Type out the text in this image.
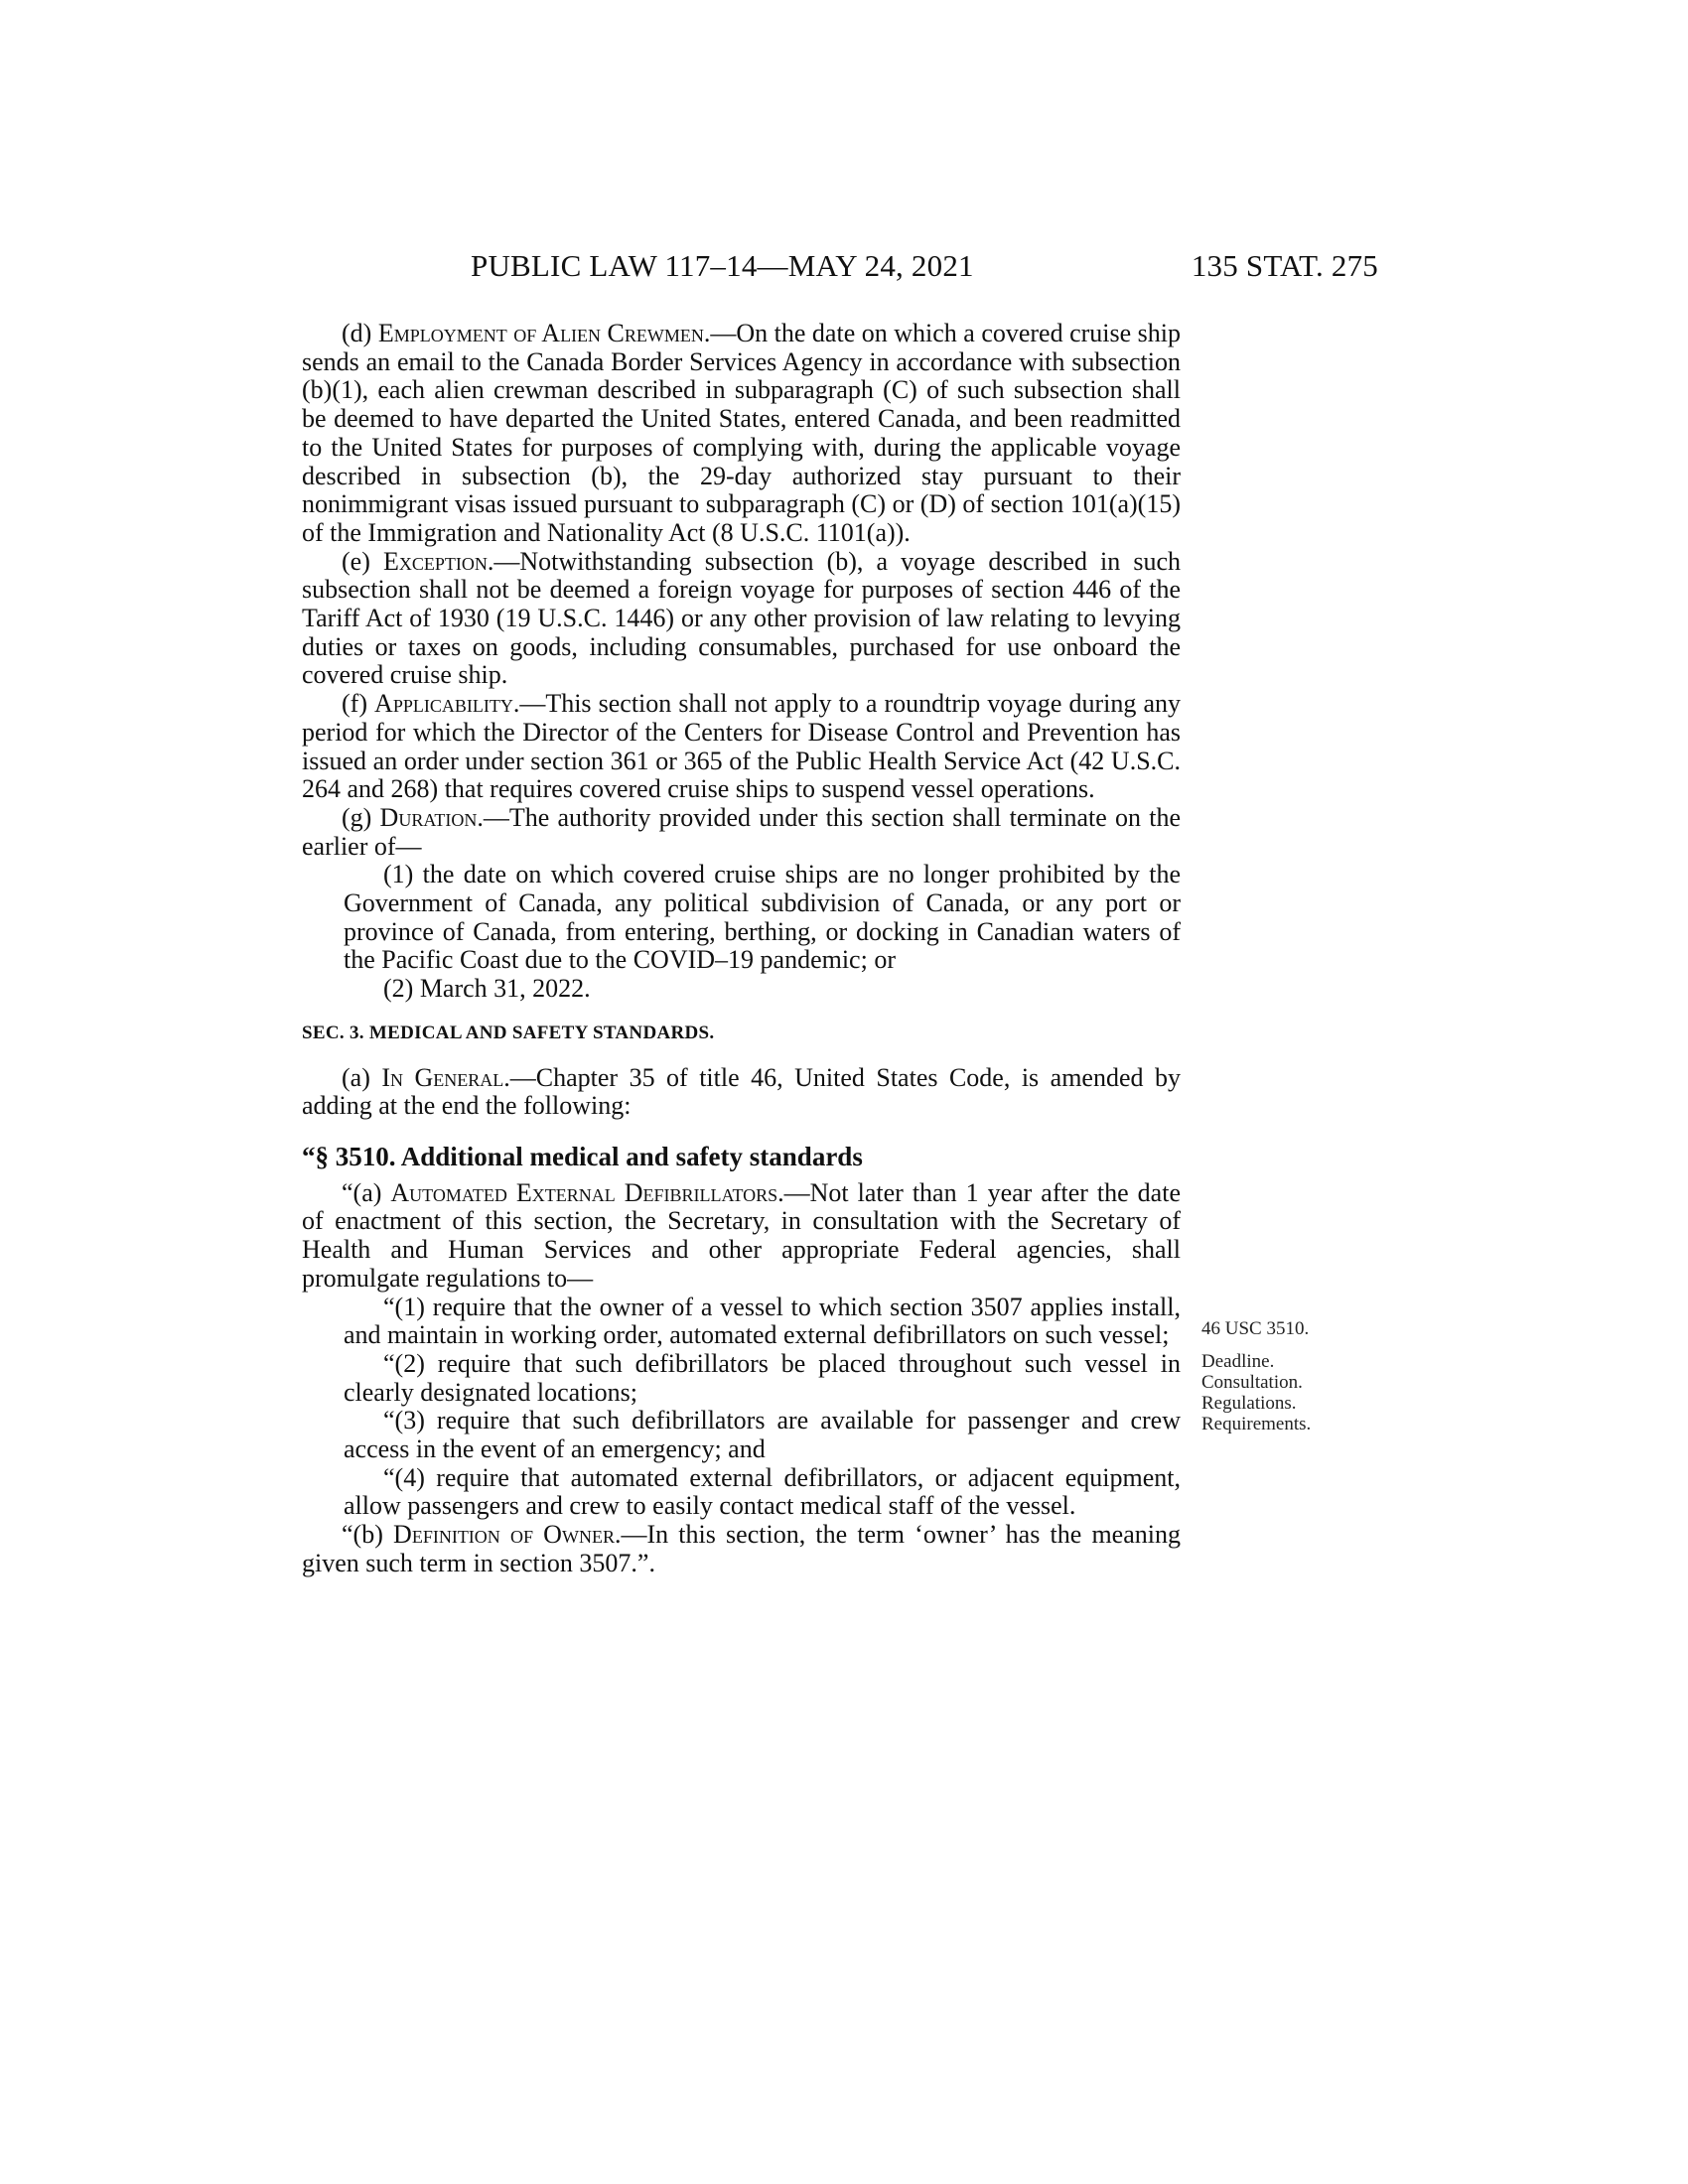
PUBLIC LAW 117–14—MAY 24, 2021	135 STAT. 275

(d) Employment of Alien Crewmen.—On the date on which a covered cruise ship sends an email to the Canada Border Services Agency in accordance with subsection (b)(1), each alien crewman described in subparagraph (C) of such subsection shall be deemed to have departed the United States, entered Canada, and been readmitted to the United States for purposes of complying with, during the applicable voyage described in subsection (b), the 29-day authorized stay pursuant to their nonimmigrant visas issued pursuant to subparagraph (C) or (D) of section 101(a)(15) of the Immigration and Nationality Act (8 U.S.C. 1101(a)).

(e) Exception.—Notwithstanding subsection (b), a voyage described in such subsection shall not be deemed a foreign voyage for purposes of section 446 of the Tariff Act of 1930 (19 U.S.C. 1446) or any other provision of law relating to levying duties or taxes on goods, including consumables, purchased for use onboard the covered cruise ship.

(f) Applicability.—This section shall not apply to a roundtrip voyage during any period for which the Director of the Centers for Disease Control and Prevention has issued an order under section 361 or 365 of the Public Health Service Act (42 U.S.C. 264 and 268) that requires covered cruise ships to suspend vessel operations.

(g) Duration.—The authority provided under this section shall terminate on the earlier of—

(1) the date on which covered cruise ships are no longer prohibited by the Government of Canada, any political subdivision of Canada, or any port or province of Canada, from entering, berthing, or docking in Canadian waters of the Pacific Coast due to the COVID–19 pandemic; or

(2) March 31, 2022.

SEC. 3. MEDICAL AND SAFETY STANDARDS.

(a) In General.—Chapter 35 of title 46, United States Code, is amended by adding at the end the following:

“§ 3510. Additional medical and safety standards

“(a) Automated External Defibrillators.—Not later than 1 year after the date of enactment of this section, the Secretary, in consultation with the Secretary of Health and Human Services and other appropriate Federal agencies, shall promulgate regulations to—

“(1) require that the owner of a vessel to which section 3507 applies install, and maintain in working order, automated external defibrillators on such vessel;

“(2) require that such defibrillators be placed throughout such vessel in clearly designated locations;

“(3) require that such defibrillators are available for passenger and crew access in the event of an emergency; and

“(4) require that automated external defibrillators, or adjacent equipment, allow passengers and crew to easily contact medical staff of the vessel.

“(b) Definition of Owner.—In this section, the term ‘owner’ has the meaning given such term in section 3507.”.

46 USC 3510.
Deadline.
Consultation.
Regulations.
Requirements.
